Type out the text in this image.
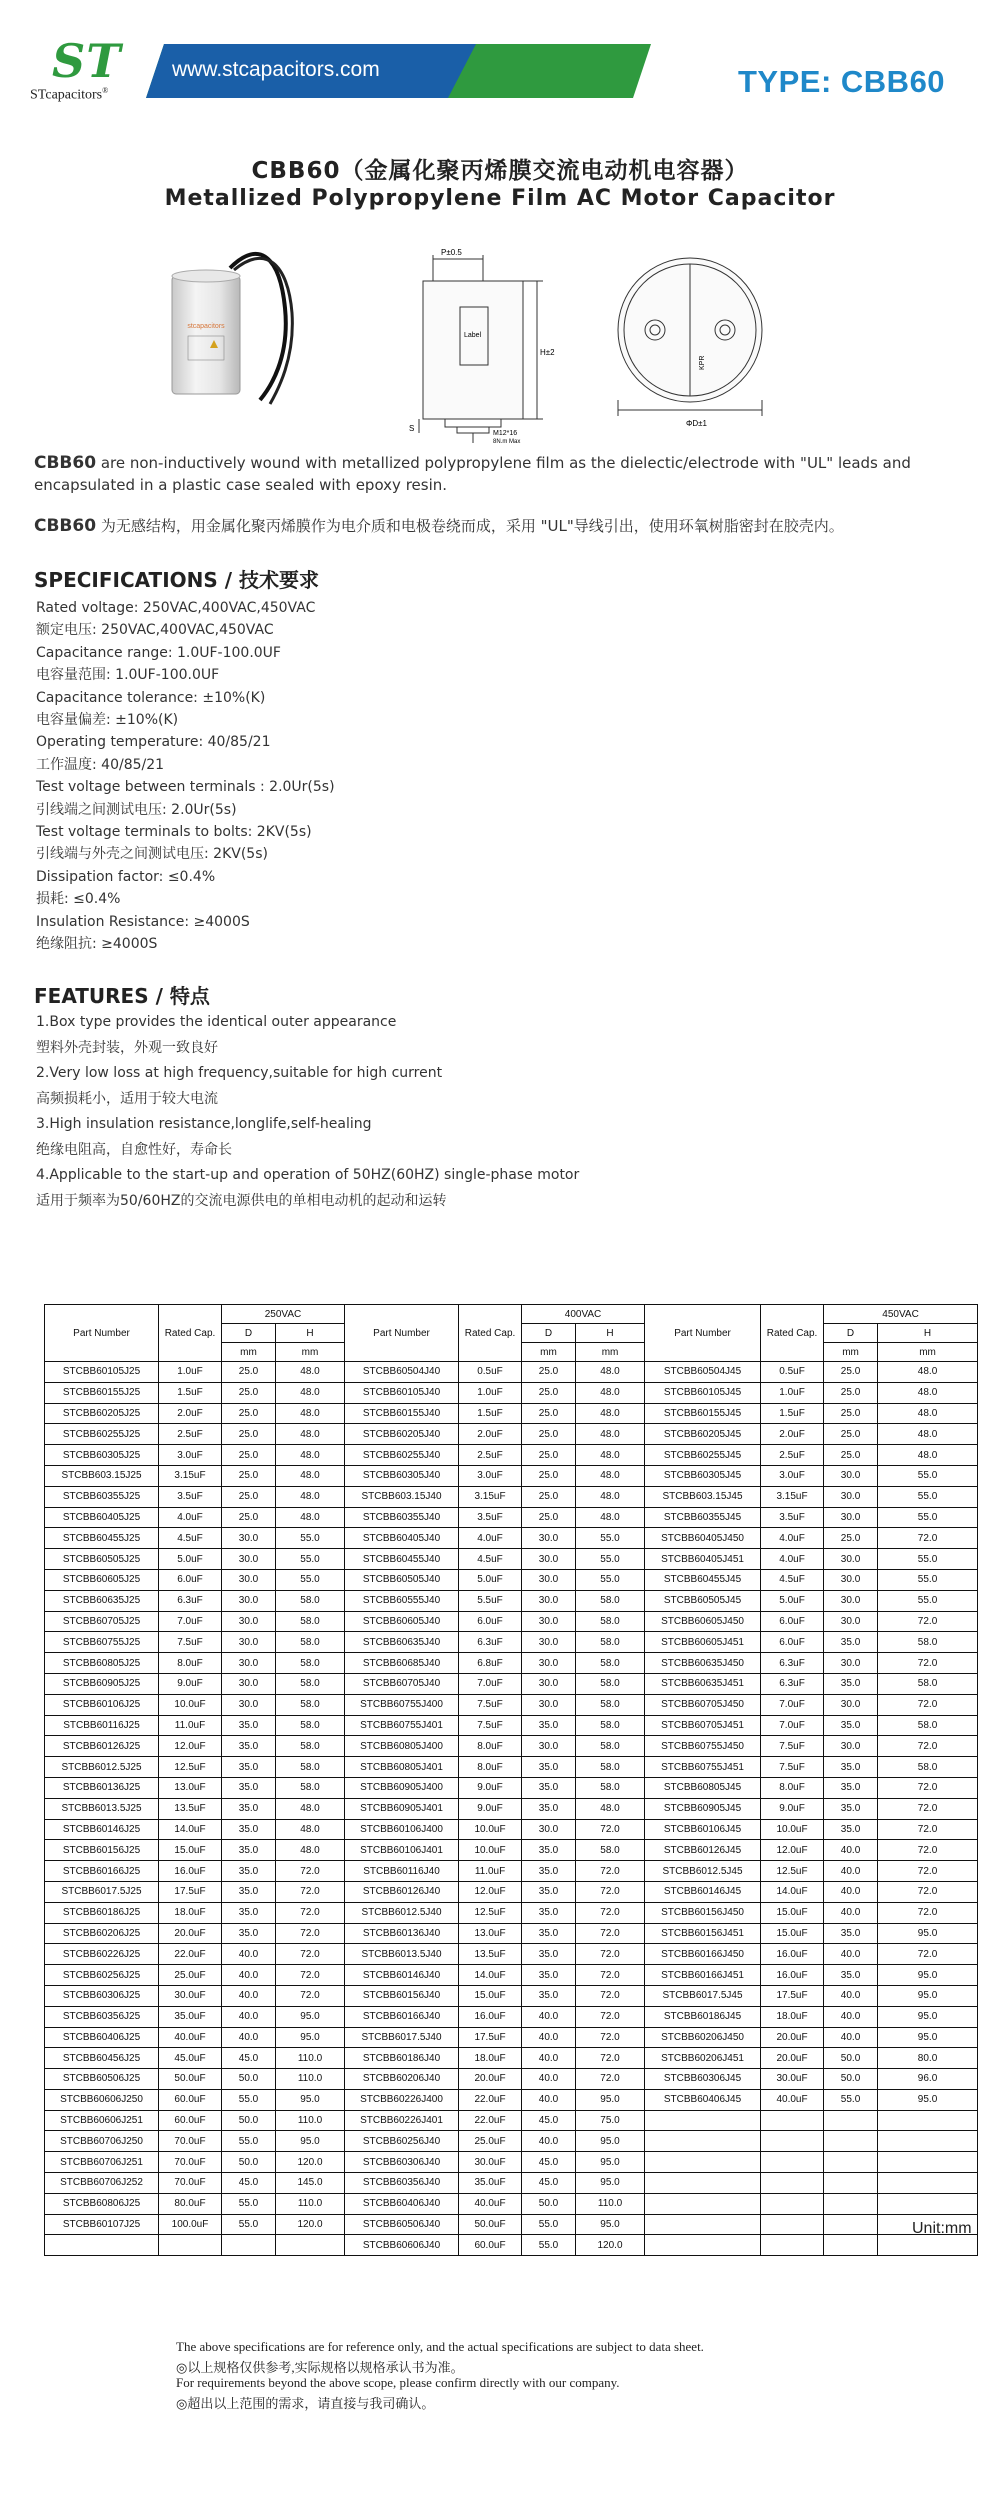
ST
STcapacitors®
www.stcapacitors.com	TYPE: CBB60
CBB60（金属化聚丙烯膜交流电动机电容器）
Metallized Polypropylene Film AC Motor Capacitor
stcapacitors
P±0.5
Label
H±2
S
M12*16
8N.m Max
ΦD±1
KPR
CBB60 are non-inductively wound with metallized polypropylene film as the dielectic/electrode with "UL" leads and encapsulated in a plastic case sealed with epoxy resin.
CBB60 为无感结构，用金属化聚丙烯膜作为电介质和电极卷绕而成，采用 "UL"导线引出，使用环氧树脂密封在胶壳内。
SPECIFICATIONS / 技术要求
Rated voltage: 250VAC,400VAC,450VAC
额定电压: 250VAC,400VAC,450VAC
Capacitance range: 1.0UF-100.0UF
电容量范围: 1.0UF-100.0UF
Capacitance tolerance: ±10%(K)
电容量偏差: ±10%(K)
Operating temperature: 40/85/21
工作温度: 40/85/21
Test voltage between terminals : 2.0Ur(5s)
引线端之间测试电压: 2.0Ur(5s)
Test voltage terminals to bolts: 2KV(5s)
引线端与外壳之间测试电压: 2KV(5s)
Dissipation factor: ≤0.4%
损耗: ≤0.4%
Insulation Resistance: ≥4000S
绝缘阻抗: ≥4000S
FEATURES / 特点
1.Box type provides the identical outer appearance
塑料外壳封装，外观一致良好
2.Very low loss at high frequency,suitable for high current
高频损耗小，适用于较大电流
3.High insulation resistance,longlife,self-healing
绝缘电阻高，自愈性好，寿命长
4.Applicable to the start-up and operation of 50HZ(60HZ) single-phase motor
适用于频率为50/60HZ的交流电源供电的单相电动机的起动和运转
Part Number	Rated Cap.	250VAC		Part Number	Rated Cap.	400VAC		Part Number	Rated Cap.	450VAC	
		D	H			D	H			D	H
		mm	mm			mm	mm			mm	mm
STCBB60105J25	1.0uF	25.0	48.0	STCBB60504J40	0.5uF	25.0	48.0	STCBB60504J45	0.5uF	25.0	48.0
STCBB60155J25	1.5uF	25.0	48.0	STCBB60105J40	1.0uF	25.0	48.0	STCBB60105J45	1.0uF	25.0	48.0
STCBB60205J25	2.0uF	25.0	48.0	STCBB60155J40	1.5uF	25.0	48.0	STCBB60155J45	1.5uF	25.0	48.0
STCBB60255J25	2.5uF	25.0	48.0	STCBB60205J40	2.0uF	25.0	48.0	STCBB60205J45	2.0uF	25.0	48.0
STCBB60305J25	3.0uF	25.0	48.0	STCBB60255J40	2.5uF	25.0	48.0	STCBB60255J45	2.5uF	25.0	48.0
STCBB603.15J25	3.15uF	25.0	48.0	STCBB60305J40	3.0uF	25.0	48.0	STCBB60305J45	3.0uF	30.0	55.0
STCBB60355J25	3.5uF	25.0	48.0	STCBB603.15J40	3.15uF	25.0	48.0	STCBB603.15J45	3.15uF	30.0	55.0
STCBB60405J25	4.0uF	25.0	48.0	STCBB60355J40	3.5uF	25.0	48.0	STCBB60355J45	3.5uF	30.0	55.0
STCBB60455J25	4.5uF	30.0	55.0	STCBB60405J40	4.0uF	30.0	55.0	STCBB60405J450	4.0uF	25.0	72.0
STCBB60505J25	5.0uF	30.0	55.0	STCBB60455J40	4.5uF	30.0	55.0	STCBB60405J451	4.0uF	30.0	55.0
STCBB60605J25	6.0uF	30.0	55.0	STCBB60505J40	5.0uF	30.0	55.0	STCBB60455J45	4.5uF	30.0	55.0
STCBB60635J25	6.3uF	30.0	58.0	STCBB60555J40	5.5uF	30.0	58.0	STCBB60505J45	5.0uF	30.0	55.0
STCBB60705J25	7.0uF	30.0	58.0	STCBB60605J40	6.0uF	30.0	58.0	STCBB60605J450	6.0uF	30.0	72.0
STCBB60755J25	7.5uF	30.0	58.0	STCBB60635J40	6.3uF	30.0	58.0	STCBB60605J451	6.0uF	35.0	58.0
STCBB60805J25	8.0uF	30.0	58.0	STCBB60685J40	6.8uF	30.0	58.0	STCBB60635J450	6.3uF	30.0	72.0
STCBB60905J25	9.0uF	30.0	58.0	STCBB60705J40	7.0uF	30.0	58.0	STCBB60635J451	6.3uF	35.0	58.0
STCBB60106J25	10.0uF	30.0	58.0	STCBB60755J400	7.5uF	30.0	58.0	STCBB60705J450	7.0uF	30.0	72.0
STCBB60116J25	11.0uF	35.0	58.0	STCBB60755J401	7.5uF	35.0	58.0	STCBB60705J451	7.0uF	35.0	58.0
STCBB60126J25	12.0uF	35.0	58.0	STCBB60805J400	8.0uF	30.0	58.0	STCBB60755J450	7.5uF	30.0	72.0
STCBB6012.5J25	12.5uF	35.0	58.0	STCBB60805J401	8.0uF	35.0	58.0	STCBB60755J451	7.5uF	35.0	58.0
STCBB60136J25	13.0uF	35.0	58.0	STCBB60905J400	9.0uF	35.0	58.0	STCBB60805J45	8.0uF	35.0	72.0
STCBB6013.5J25	13.5uF	35.0	48.0	STCBB60905J401	9.0uF	35.0	48.0	STCBB60905J45	9.0uF	35.0	72.0
STCBB60146J25	14.0uF	35.0	48.0	STCBB60106J400	10.0uF	30.0	72.0	STCBB60106J45	10.0uF	35.0	72.0
STCBB60156J25	15.0uF	35.0	48.0	STCBB60106J401	10.0uF	35.0	58.0	STCBB60126J45	12.0uF	40.0	72.0
STCBB60166J25	16.0uF	35.0	72.0	STCBB60116J40	11.0uF	35.0	72.0	STCBB6012.5J45	12.5uF	40.0	72.0
STCBB6017.5J25	17.5uF	35.0	72.0	STCBB60126J40	12.0uF	35.0	72.0	STCBB60146J45	14.0uF	40.0	72.0
STCBB60186J25	18.0uF	35.0	72.0	STCBB6012.5J40	12.5uF	35.0	72.0	STCBB60156J450	15.0uF	40.0	72.0
STCBB60206J25	20.0uF	35.0	72.0	STCBB60136J40	13.0uF	35.0	72.0	STCBB60156J451	15.0uF	35.0	95.0
STCBB60226J25	22.0uF	40.0	72.0	STCBB6013.5J40	13.5uF	35.0	72.0	STCBB60166J450	16.0uF	40.0	72.0
STCBB60256J25	25.0uF	40.0	72.0	STCBB60146J40	14.0uF	35.0	72.0	STCBB60166J451	16.0uF	35.0	95.0
STCBB60306J25	30.0uF	40.0	72.0	STCBB60156J40	15.0uF	35.0	72.0	STCBB6017.5J45	17.5uF	40.0	95.0
STCBB60356J25	35.0uF	40.0	95.0	STCBB60166J40	16.0uF	40.0	72.0	STCBB60186J45	18.0uF	40.0	95.0
STCBB60406J25	40.0uF	40.0	95.0	STCBB6017.5J40	17.5uF	40.0	72.0	STCBB60206J450	20.0uF	40.0	95.0
STCBB60456J25	45.0uF	45.0	110.0	STCBB60186J40	18.0uF	40.0	72.0	STCBB60206J451	20.0uF	50.0	80.0
STCBB60506J25	50.0uF	50.0	110.0	STCBB60206J40	20.0uF	40.0	72.0	STCBB60306J45	30.0uF	50.0	96.0
STCBB60606J250	60.0uF	55.0	95.0	STCBB60226J400	22.0uF	40.0	95.0	STCBB60406J45	40.0uF	55.0	95.0
STCBB60606J251	60.0uF	50.0	110.0	STCBB60226J401	22.0uF	45.0	75.0				
STCBB60706J250	70.0uF	55.0	95.0	STCBB60256J40	25.0uF	40.0	95.0				
STCBB60706J251	70.0uF	50.0	120.0	STCBB60306J40	30.0uF	45.0	95.0				
STCBB60706J252	70.0uF	45.0	145.0	STCBB60356J40	35.0uF	45.0	95.0				
STCBB60806J25	80.0uF	55.0	110.0	STCBB60406J40	40.0uF	50.0	110.0				
STCBB60107J25	100.0uF	55.0	120.0	STCBB60506J40	50.0uF	55.0	95.0				
				STCBB60606J40	60.0uF	55.0	120.0				
Unit:mm
The above specifications are for reference only, and the actual specifications are subject to data sheet.
◎以上规格仅供参考,实际规格以规格承认书为准。
For requirements beyond the above scope, please confirm directly with our company.
◎超出以上范围的需求，请直接与我司确认。
